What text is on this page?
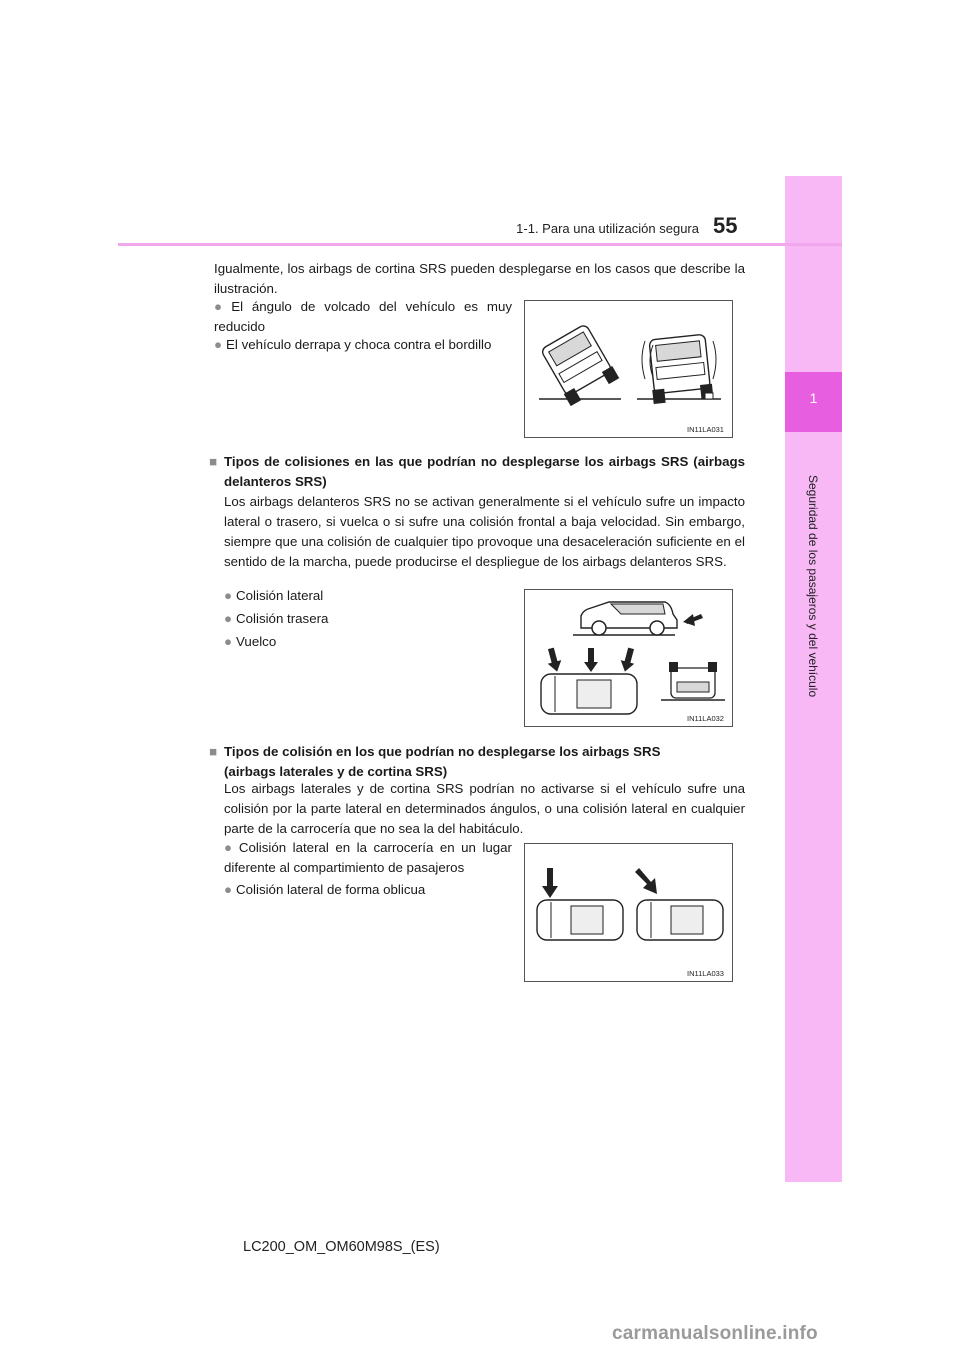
1
Seguridad de los pasajeros y del vehículo
1-1. Para una utilización segura 55

Igualmente, los airbags de cortina SRS pueden desplegarse en los casos que describe la ilustración.

● El ángulo de volcado del vehículo es muy reducido
● El vehículo derrapa y choca contra el bordillo
IN11LA031
■ Tipos de colisiones en las que podrían no desplegarse los airbags SRS (airbags delanteros SRS)

Los airbags delanteros SRS no se activan generalmente si el vehículo sufre un impacto lateral o trasero, si vuelca o si sufre una colisión frontal a baja velocidad. Sin embargo, siempre que una colisión de cualquier tipo provoque una desaceleración suficiente en el sentido de la marcha, puede producirse el despliegue de los airbags delanteros SRS.

● Colisión lateral
● Colisión trasera
● Vuelco
IN11LA032
■ Tipos de colisión en los que podrían no desplegarse los airbags SRS
(airbags laterales y de cortina SRS)

Los airbags laterales y de cortina SRS podrían no activarse si el vehículo sufre una colisión por la parte lateral en determinados ángulos, o una colisión lateral en cualquier parte de la carrocería que no sea la del habitáculo.

● Colisión lateral en la carrocería en un lugar diferente al compartimiento de pasajeros
● Colisión lateral de forma oblicua
IN11LA033
LC200_OM_OM60M98S_(ES)
carmanualsonline.info
